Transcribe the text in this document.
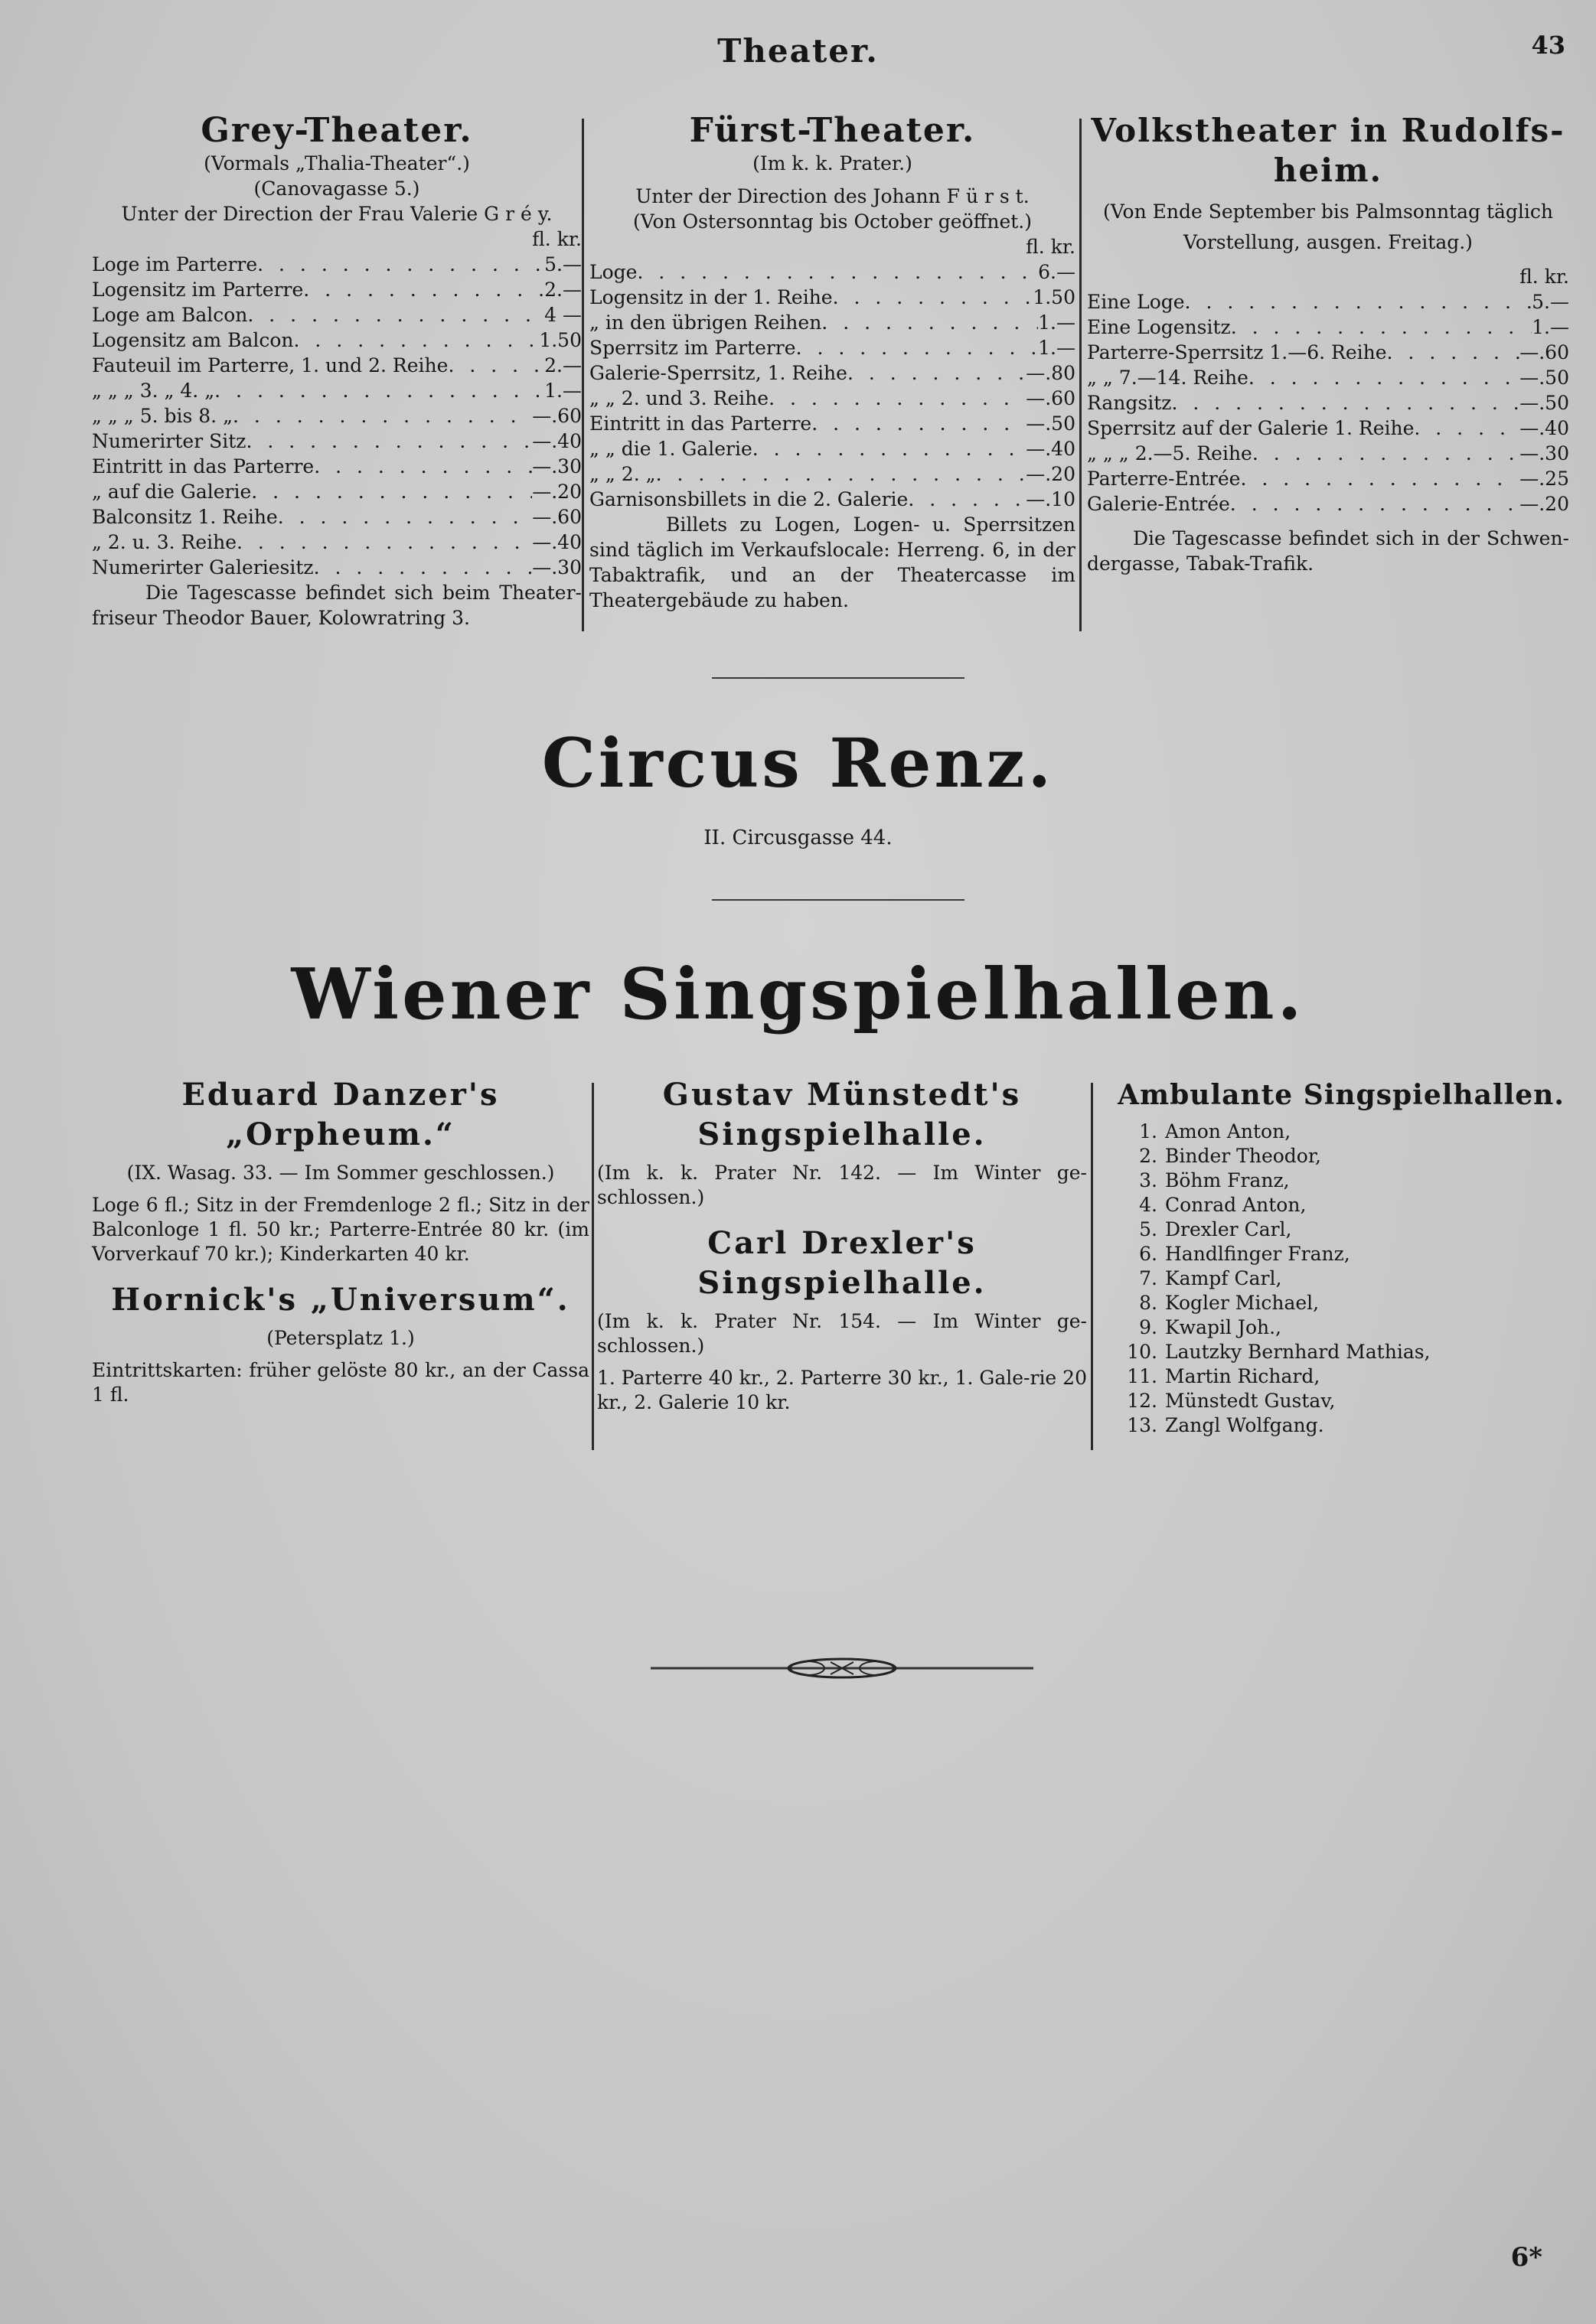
Theater.	43
Grey-Theater.
(Vormals „Thalia-Theater“.)
(Canovagasse 5.)
Unter der Direction der Frau Valerie G r é y.
fl. kr.
Loge im Parterre . . .	5.—
Logensitz im Parterre . . .	2.—
Loge am Balcon . . .	4 —
Logensitz am Balcon . . .	1.50
Fauteuil im Parterre, 1. und 2. Reihe . . .	2.—
„ „ „ 3. „ 4. „ . . .	1.—
„ „ „ 5. bis 8. „ . . .	—.60
Numerirter Sitz . . .	—.40
Eintritt in das Parterre . . .	—.30
„ auf die Galerie . . .	—.20
Balconsitz 1. Reihe . . .	—.60
„ 2. u. 3. Reihe . . .	—.40
Numerirter Galeriesitz . . .	—.30
Die Tagescasse befindet sich beim Theater-friseur Theodor Bauer, Kolowratring 3.
Fürst-Theater.
(Im k. k. Prater.)
Unter der Direction des Johann F ü r s t.
(Von Ostersonntag bis October geöffnet.)
fl. kr.
Loge . . .	6.—
Logensitz in der 1. Reihe . . .	1.50
„ in den übrigen Reihen . . .	1.—
Sperrsitz im Parterre . . .	1.—
Galerie-Sperrsitz, 1. Reihe . . .	—.80
„ „ 2. und 3. Reihe . . .	—.60
Eintritt in das Parterre . . .	—.50
„ „ die 1. Galerie . . .	—.40
„ „ 2. „ . . .	—.20
Garnisonsbillets in die 2. Galerie . . .	—.10
Billets zu Logen, Logen- u. Sperrsitzen sind täglich im Verkaufslocale: Herreng. 6, in der Tabaktrafik, und an der Theatercasse im Theatergebäude zu haben.
Volkstheater in Rudolfs-heim.
(Von Ende September bis Palmsonntag täglich Vorstellung, ausgen. Freitag.)
fl. kr.
Eine Loge . . .	5.—
Eine Logensitz . . .	1.—
Parterre-Sperrsitz 1.—6. Reihe . . .	—.60
„ „ 7.—14. Reihe . . .	—.50
Rangsitz . . .	—.50
Sperrsitz auf der Galerie 1. Reihe . . .	—.40
„ „ „ 2.—5. Reihe . . .	—.30
Parterre-Entrée . . .	—.25
Galerie-Entrée . . .	—.20
Die Tagescasse befindet sich in der Schwen-dergasse, Tabak-Trafik.
Circus Renz.
II. Circusgasse 44.
Wiener Singspielhallen.
Eduard Danzer's
„Orpheum.“
(IX. Wasag. 33. — Im Sommer geschlossen.)
Loge 6 fl.; Sitz in der Fremdenloge 2 fl.; Sitz in der Balconloge 1 fl. 50 kr.; Parterre-Entrée 80 kr. (im Vorverkauf 70 kr.); Kinderkarten 40 kr.
Hornick's „Universum“.
(Petersplatz 1.)
Eintrittskarten: früher gelöste 80 kr., an der Cassa 1 fl.
Gustav Münstedt's
Singspielhalle.
(Im k. k. Prater Nr. 142. — Im Winter ge-schlossen.)
Carl Drexler's
Singspielhalle.
(Im k. k. Prater Nr. 154. — Im Winter ge-schlossen.)
1. Parterre 40 kr., 2. Parterre 30 kr., 1. Gale-rie 20 kr., 2. Galerie 10 kr.
Ambulante Singspielhallen.
1. Amon Anton,
2. Binder Theodor,
3. Böhm Franz,
4. Conrad Anton,
5. Drexler Carl,
6. Handlfinger Franz,
7. Kampf Carl,
8. Kogler Michael,
9. Kwapil Joh.,
10. Lautzky Bernhard Mathias,
11. Martin Richard,
12. Münstedt Gustav,
13. Zangl Wolfgang.
6*
